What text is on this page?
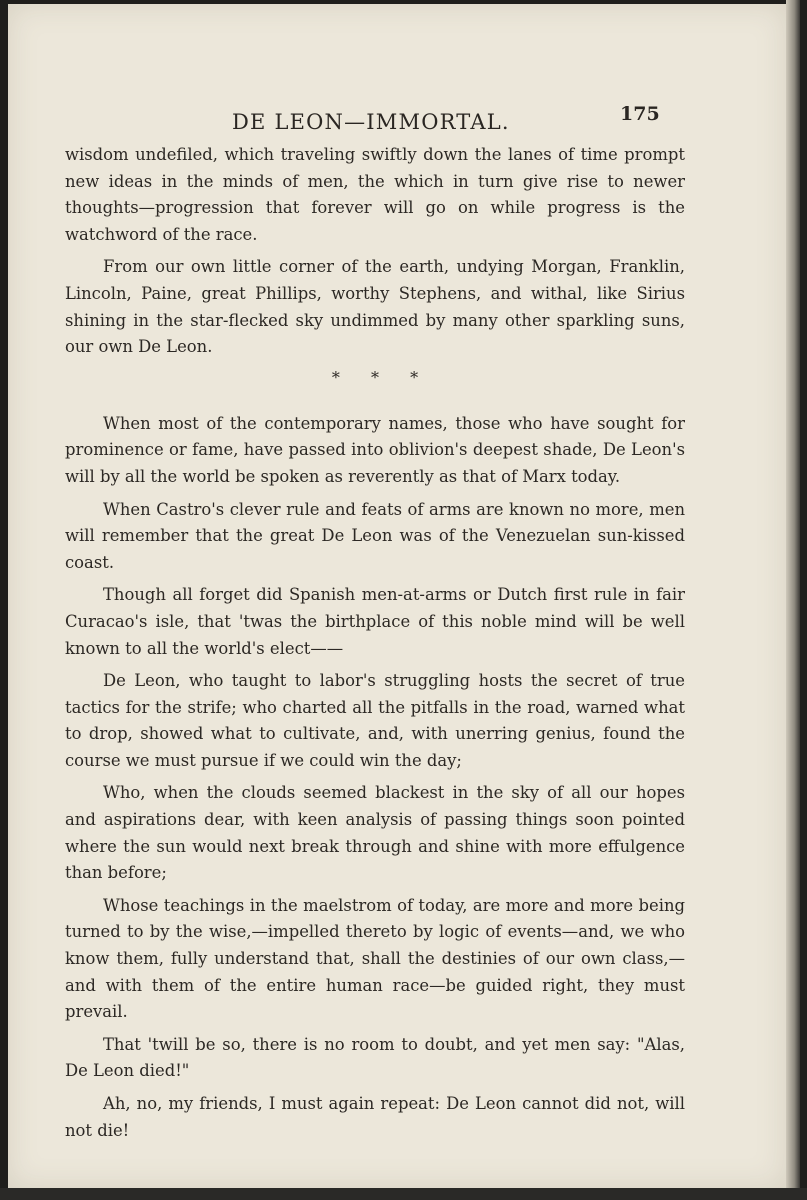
DE LEON—IMMORTAL.	175

wisdom undefiled, which traveling swiftly down the lanes of time prompt new ideas in the minds of men, the which in turn give rise to newer thoughts—progression that forever will go on while progress is the watchword of the race.

From our own little corner of the earth, undying Morgan, Franklin, Lincoln, Paine, great Phillips, worthy Stephens, and withal, like Sirius shining in the star-flecked sky undimmed by many other sparkling suns, our own De Leon.

* * *

When most of the contemporary names, those who have sought for prominence or fame, have passed into oblivion's deepest shade, De Leon's will by all the world be spoken as reverently as that of Marx today.

When Castro's clever rule and feats of arms are known no more, men will remember that the great De Leon was of the Venezuelan sun-kissed coast.

Though all forget did Spanish men-at-arms or Dutch first rule in fair Curacao's isle, that 'twas the birthplace of this noble mind will be well known to all the world's elect——

De Leon, who taught to labor's struggling hosts the secret of true tactics for the strife; who charted all the pitfalls in the road, warned what to drop, showed what to cultivate, and, with unerring genius, found the course we must pursue if we could win the day;

Who, when the clouds seemed blackest in the sky of all our hopes and aspirations dear, with keen analysis of passing things soon pointed where the sun would next break through and shine with more effulgence than before;

Whose teachings in the maelstrom of today, are more and more being turned to by the wise,—impelled thereto by logic of events—and, we who know them, fully understand that, shall the destinies of our own class,—and with them of the entire human race—be guided right, they must prevail.

That 'twill be so, there is no room to doubt, and yet men say: "Alas, De Leon died!"

Ah, no, my friends, I must again repeat: De Leon cannot did not, will not die!
